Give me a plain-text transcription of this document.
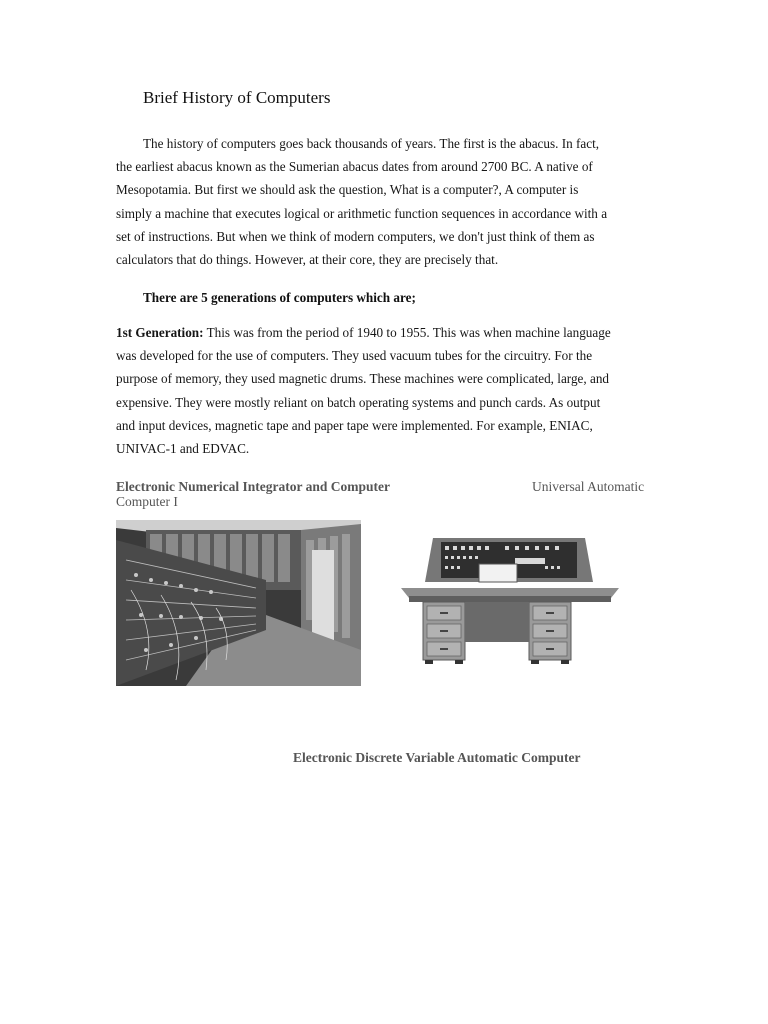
Brief History of Computers
The history of computers goes back thousands of years. The first is the abacus. In fact,
the earliest abacus known as the Sumerian abacus dates from around 2700 BC. A native of
Mesopotamia. But first we should ask the question, What is a computer?, A computer is
simply a machine that executes logical or arithmetic function sequences in accordance with a
set of instructions. But when we think of modern computers, we don't just think of them as
calculators that do things. However, at their core, they are precisely that.
There are 5 generations of computers which are;
1st Generation: This was from the period of 1940 to 1955. This was when machine language
was developed for the use of computers. They used vacuum tubes for the circuitry. For the
purpose of memory, they used magnetic drums. These machines were complicated, large, and
expensive. They were mostly reliant on batch operating systems and punch cards. As output
and input devices, magnetic tape and paper tape were implemented. For example, ENIAC,
UNIVAC-1 and EDVAC.
Electronic Numerical Integrator and Computer	Universal Automatic
Computer I
Electronic Discrete Variable Automatic Computer
